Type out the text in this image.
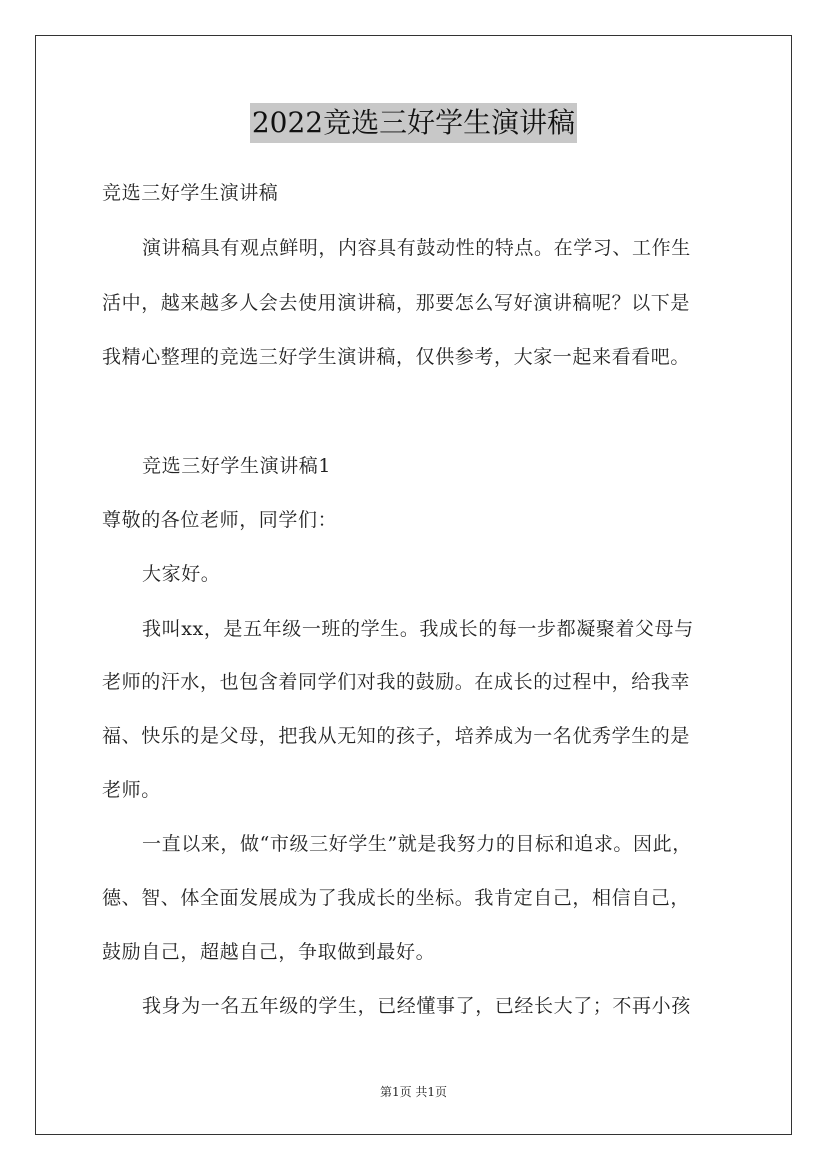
2022竞选三好学生演讲稿
竞选三好学生演讲稿
演讲稿具有观点鲜明，内容具有鼓动性的特点。在学习、工作生
活中，越来越多人会去使用演讲稿，那要怎么写好演讲稿呢？以下是
我精心整理的竞选三好学生演讲稿，仅供参考，大家一起来看看吧。
竞选三好学生演讲稿1
尊敬的各位老师，同学们：
大家好。
我叫xx，是五年级一班的学生。我成长的每一步都凝聚着父母与
老师的汗水，也包含着同学们对我的鼓励。在成长的过程中，给我幸
福、快乐的是父母，把我从无知的孩子，培养成为一名优秀学生的是
老师。
一直以来，做“市级三好学生”就是我努力的目标和追求。因此，
德、智、体全面发展成为了我成长的坐标。我肯定自己，相信自己，
鼓励自己，超越自己，争取做到最好。
我身为一名五年级的学生，已经懂事了，已经长大了；不再小孩
第1页 共1页
